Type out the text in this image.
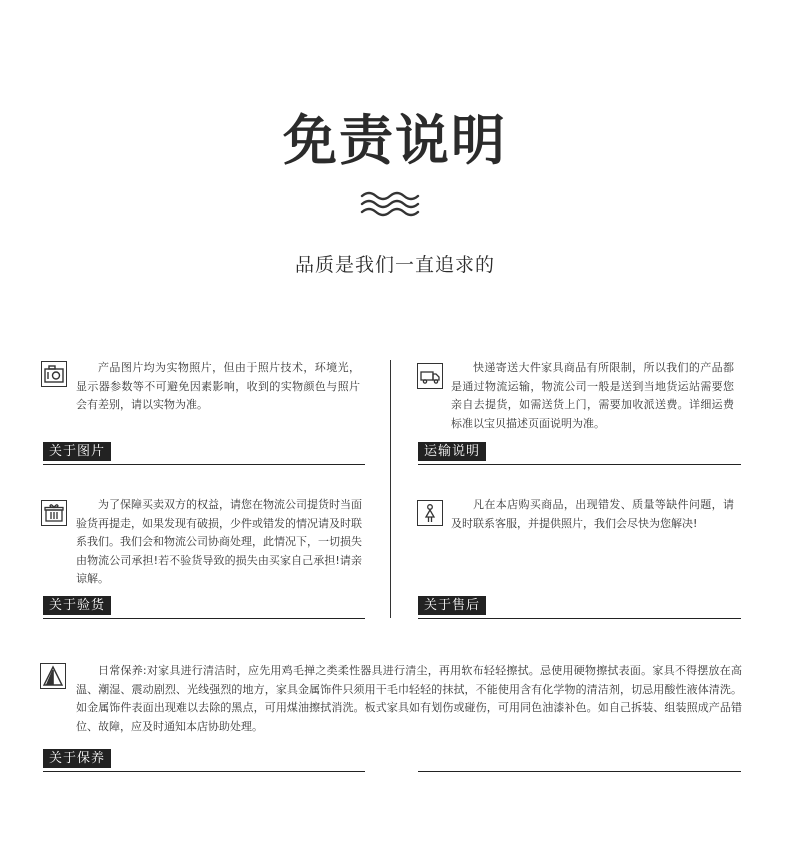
免责说明
品质是我们一直追求的

产品图片均为实物照片，但由于照片技术，环境光，显示器参数等不可避免因素影响，收到的实物颜色与照片会有差别，请以实物为准。

关于图片

快递寄送大件家具商品有所限制，所以我们的产品都是通过物流运输，物流公司一般是送到当地货运站需要您亲自去提货，如需送货上门，需要加收派送费。详细运费标准以宝贝描述页面说明为准。

运输说明

为了保障买卖双方的权益，请您在物流公司提货时当面验货再提走，如果发现有破损，少件或错发的情况请及时联系我们。我们会和物流公司协商处理，此情况下，一切损失由物流公司承担!若不验货导致的损失由买家自己承担!请亲谅解。

关于验货

凡在本店购买商品，出现错发、质量等缺件问题，请及时联系客服，并提供照片，我们会尽快为您解决!

关于售后

日常保养:对家具进行清洁时，应先用鸡毛掸之类柔性器具进行清尘，再用软布轻轻擦拭。忌使用硬物擦拭表面。家具不得摆放在高温、潮湿、震动剧烈、光线强烈的地方，家具金属饰件只须用干毛巾轻轻的抹拭，不能使用含有化学物的清洁剂，切忌用酸性液体清洗。如金属饰件表面出现难以去除的黑点，可用煤油擦拭消洗。板式家具如有划伤或碰伤，可用同色油漆补色。如自己拆装、组装照成产品错位、故障，应及时通知本店协助处理。

关于保养
